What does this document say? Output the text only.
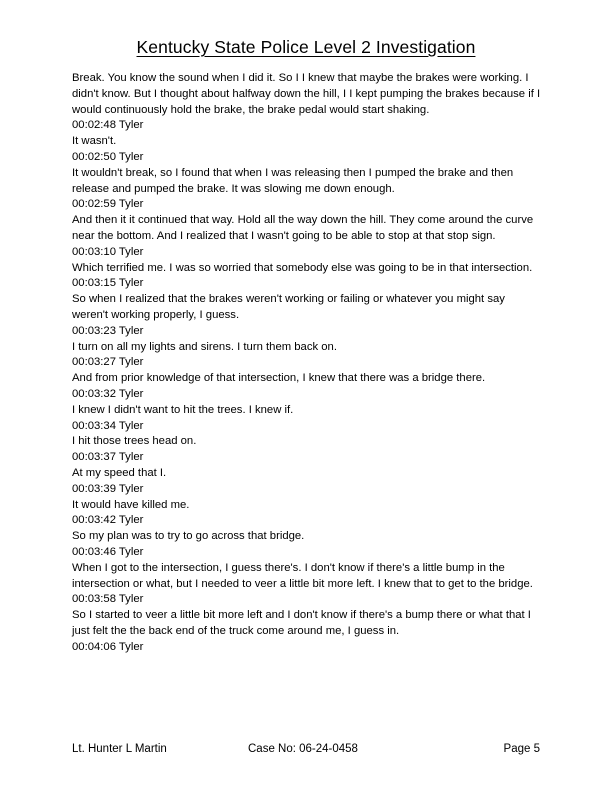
Kentucky State Police Level 2 Investigation

Break. You know the sound when I did it. So I I knew that maybe the brakes were working. I didn't know. But I thought about halfway down the hill, I I kept pumping the brakes because if I would continuously hold the brake, the brake pedal would start shaking.

00:02:48 Tyler

It wasn't.

00:02:50 Tyler

It wouldn't break, so I found that when I was releasing then I pumped the brake and then release and pumped the brake. It was slowing me down enough.

00:02:59 Tyler

And then it it continued that way. Hold all the way down the hill. They come around the curve near the bottom. And I realized that I wasn't going to be able to stop at that stop sign.

00:03:10 Tyler

Which terrified me. I was so worried that somebody else was going to be in that intersection.

00:03:15 Tyler

So when I realized that the brakes weren't working or failing or whatever you might say weren't working properly, I guess.

00:03:23 Tyler

I turn on all my lights and sirens. I turn them back on.

00:03:27 Tyler

And from prior knowledge of that intersection, I knew that there was a bridge there.

00:03:32 Tyler

I knew I didn't want to hit the trees. I knew if.

00:03:34 Tyler

I hit those trees head on.

00:03:37 Tyler

At my speed that I.

00:03:39 Tyler

It would have killed me.

00:03:42 Tyler

So my plan was to try to go across that bridge.

00:03:46 Tyler

When I got to the intersection, I guess there's. I don't know if there's a little bump in the intersection or what, but I needed to veer a little bit more left. I knew that to get to the bridge.

00:03:58 Tyler

So I started to veer a little bit more left and I don't know if there's a bump there or what that I just felt the the back end of the truck come around me, I guess in.

00:04:06 Tyler

Lt. Hunter L Martin	Case No: 06-24-0458	Page 5
